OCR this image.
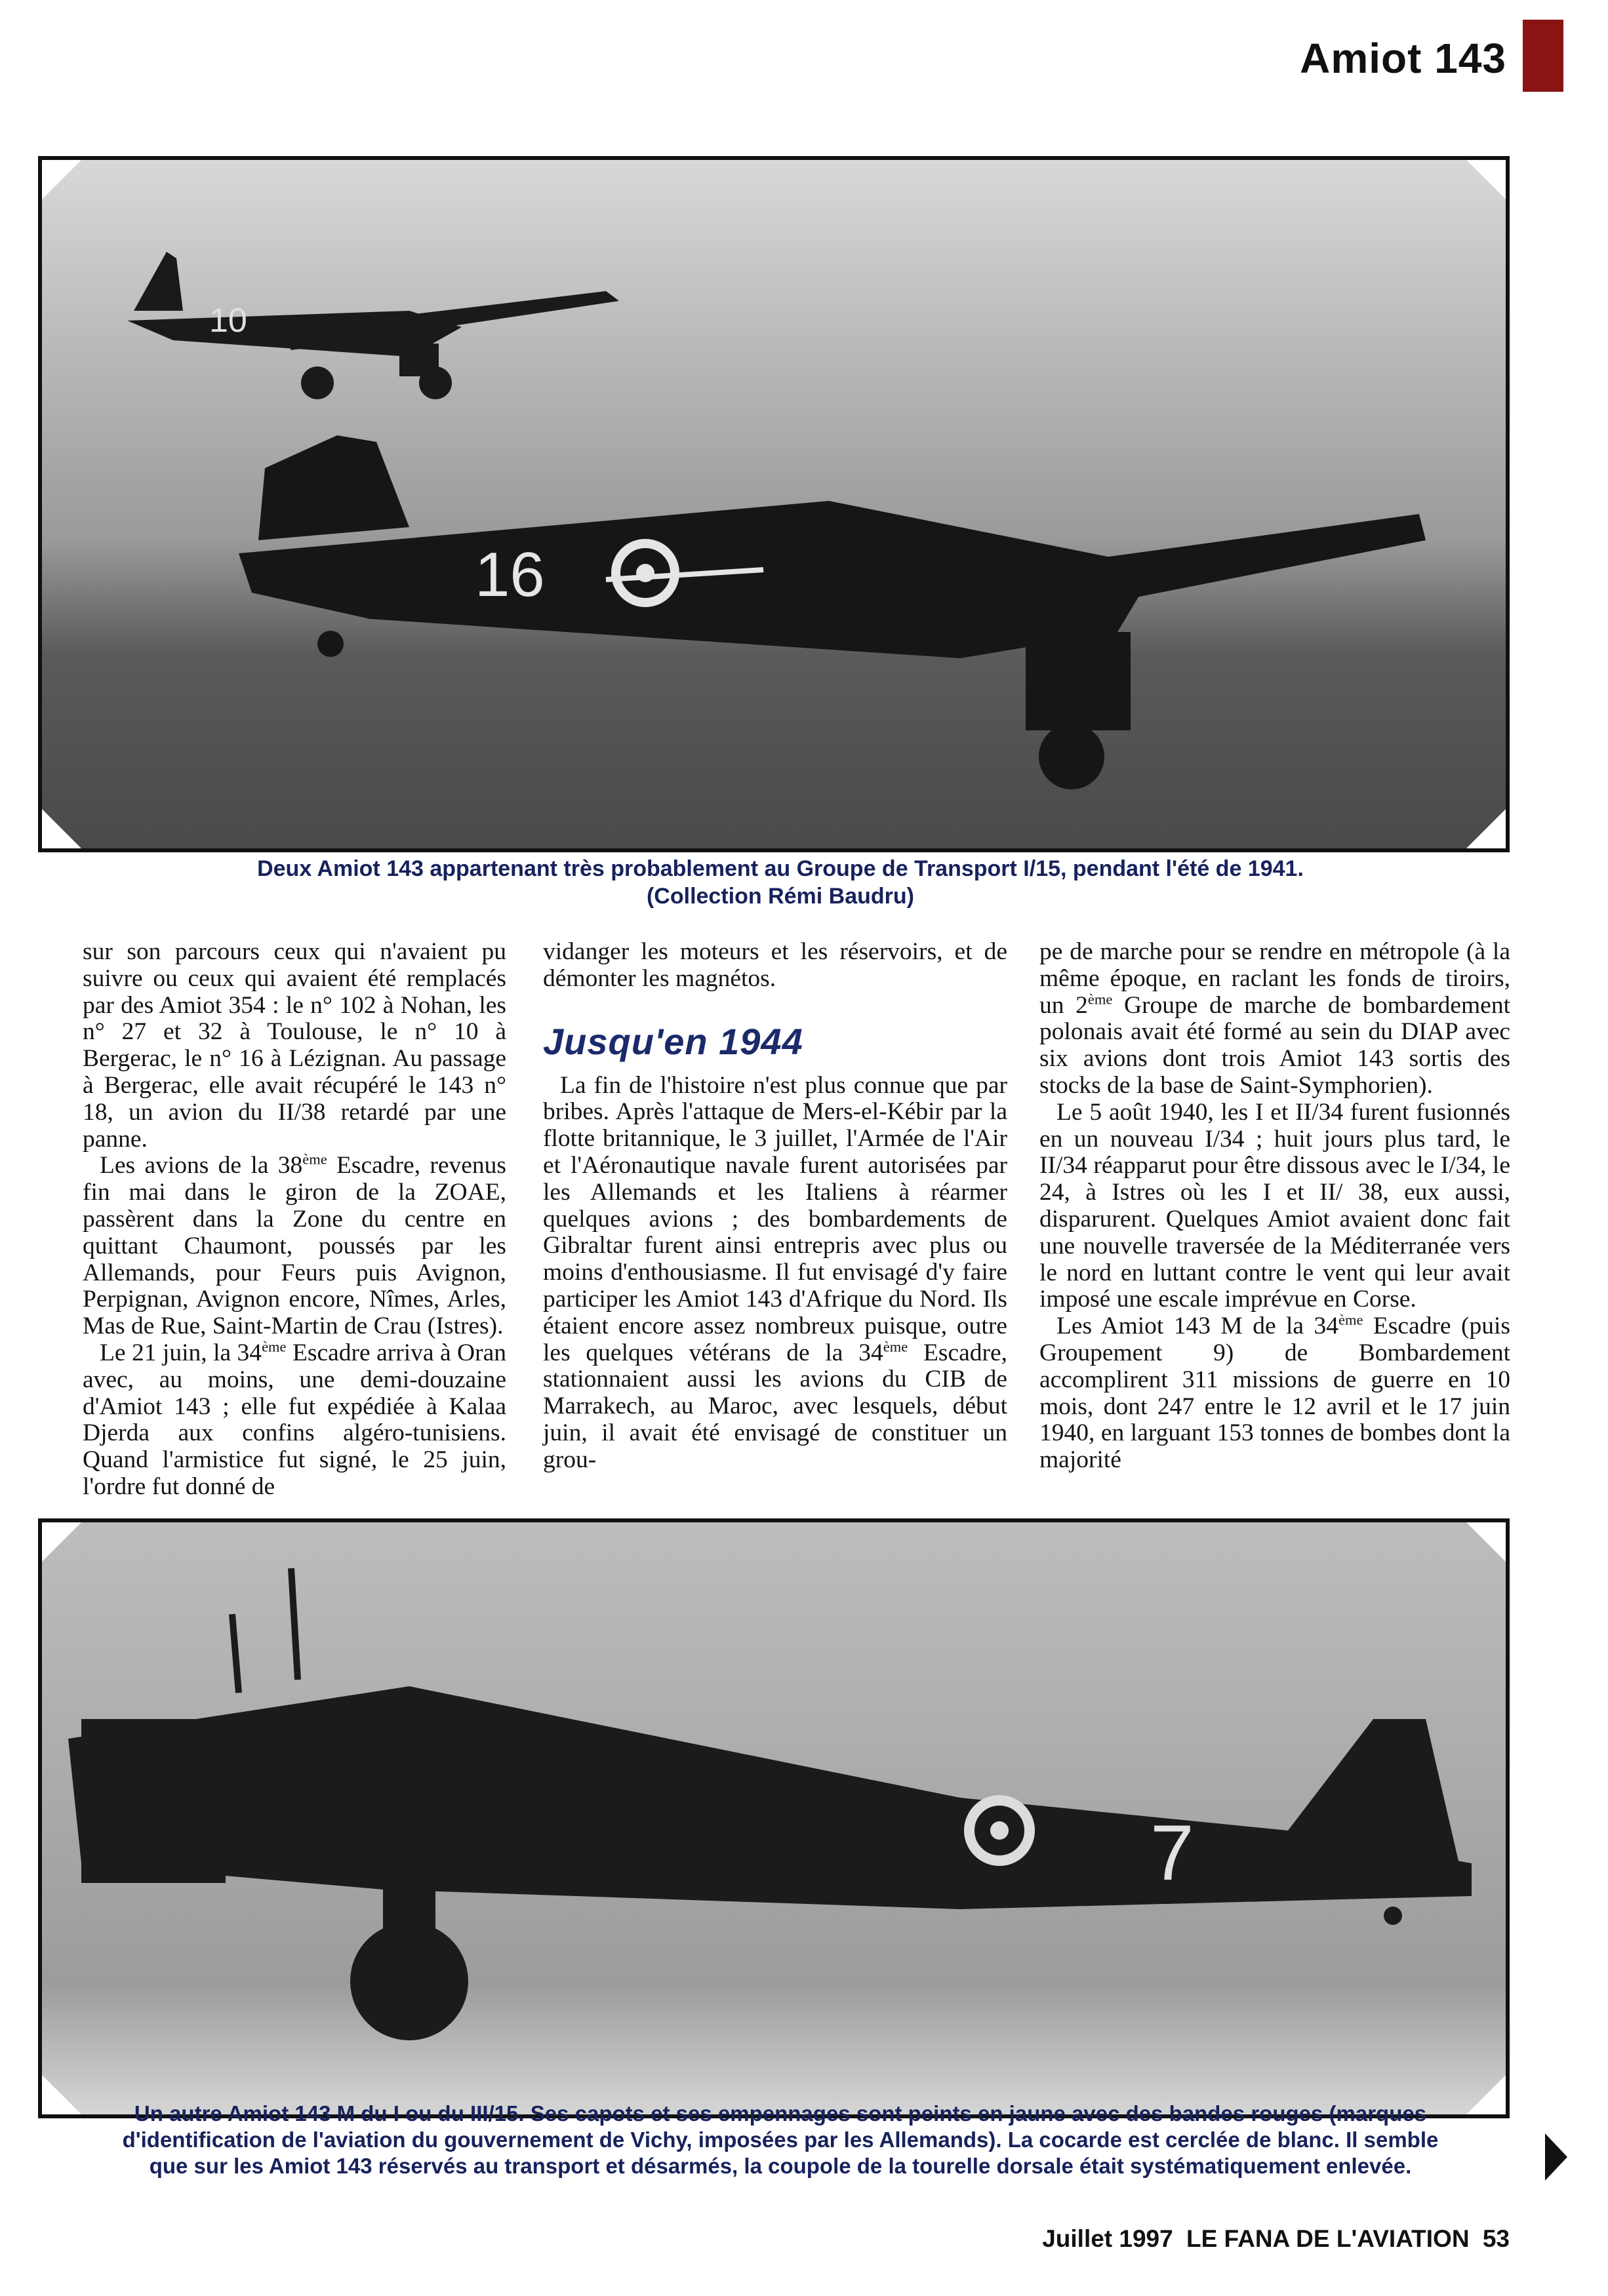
Amiot 143
10
16
Deux Amiot 143 appartenant très probablement au Groupe de Transport I/15, pendant l'été de 1941.
(Collection Rémi Baudru)

sur son parcours ceux qui n'avaient pu suivre ou ceux qui avaient été remplacés par des Amiot 354 : le n° 102 à Nohan, les n° 27 et 32 à Toulouse, le n° 10 à Bergerac, le n° 16 à Lézignan. Au passage à Bergerac, elle avait récupéré le 143 n° 18, un avion du II/38 retardé par une panne.

Les avions de la 38ème Escadre, revenus fin mai dans le giron de la ZOAE, passèrent dans la Zone du centre en quittant Chaumont, poussés par les Allemands, pour Feurs puis Avignon, Perpignan, Avignon encore, Nîmes, Arles, Mas de Rue, Saint-Martin de Crau (Istres).

Le 21 juin, la 34ème Escadre arriva à Oran avec, au moins, une demi-douzaine d'Amiot 143 ; elle fut expédiée à Kalaa Djerda aux confins algéro-tunisiens. Quand l'armistice fut signé, le 25 juin, l'ordre fut donné de

vidanger les moteurs et les réservoirs, et de démonter les magnétos.

Jusqu'en 1944

La fin de l'histoire n'est plus connue que par bribes. Après l'attaque de Mers-el-Kébir par la flotte britannique, le 3 juillet, l'Armée de l'Air et l'Aéronautique navale furent autorisées par les Allemands et les Italiens à réarmer quelques avions ; des bombardements de Gibraltar furent ainsi entrepris avec plus ou moins d'enthousiasme. Il fut envisagé d'y faire participer les Amiot 143 d'Afrique du Nord. Ils étaient encore assez nombreux puisque, outre les quelques vétérans de la 34ème Escadre, stationnaient aussi les avions du CIB de Marrakech, au Maroc, avec lesquels, début juin, il avait été envisagé de constituer un grou-

pe de marche pour se rendre en métropole (à la même époque, en raclant les fonds de tiroirs, un 2ème Groupe de marche de bombardement polonais avait été formé au sein du DIAP avec six avions dont trois Amiot 143 sortis des stocks de la base de Saint-Symphorien).

Le 5 août 1940, les I et II/34 furent fusionnés en un nouveau I/34 ; huit jours plus tard, le II/34 réapparut pour être dissous avec le I/34, le 24, à Istres où les I et II/ 38, eux aussi, disparurent. Quelques Amiot avaient donc fait une nouvelle traversée de la Méditerranée vers le nord en luttant contre le vent qui leur avait imposé une escale imprévue en Corse.

Les Amiot 143 M de la 34ème Escadre (puis Groupement 9) de Bombardement accomplirent 311 missions de guerre en 10 mois, dont 247 entre le 12 avril et le 17 juin 1940, en larguant 153 tonnes de bombes dont la majorité

7
Un autre Amiot 143 M du I ou du III/15. Ses capots et ses empennages sont peints en jaune avec des bandes rouges (marques
d'identification de l'aviation du gouvernement de Vichy, imposées par les Allemands). La cocarde est cerclée de blanc. Il semble
que sur les Amiot 143 réservés au transport et désarmés, la coupole de la tourelle dorsale était systématiquement enlevée.
Juillet 1997 LE FANA DE L'AVIATION 53
